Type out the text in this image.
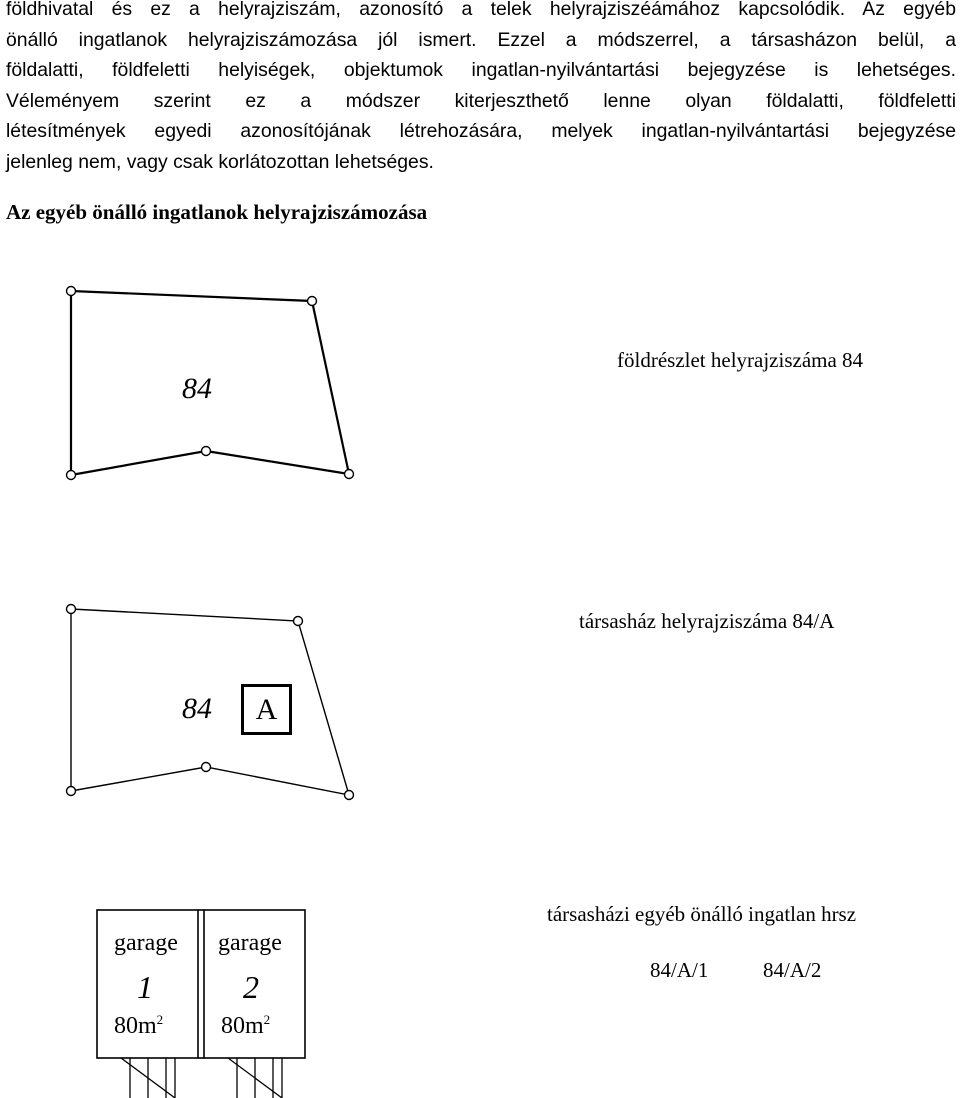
földhivatal és ez a helyrajziszám, azonosító a telek helyrajziszéámához kapcsolódik. Az egyéb
önálló ingatlanok helyrajziszámozása jól ismert. Ezzel a módszerrel, a társasházon belül, a
földalatti, földfeletti helyiségek, objektumok ingatlan-nyilvántartási bejegyzése is lehetséges.
Véleményem szerint ez a módszer kiterjeszthető lenne olyan földalatti, földfeletti
létesítmények egyedi azonosítójának létrehozására, melyek ingatlan-nyilvántartási bejegyzése
jelenleg nem, vagy csak korlátozottan lehetséges.
Az egyéb önálló ingatlanok helyrajziszámozása
84
földrészlet helyrajziszáma 84
84 A
társasház helyrajziszáma 84/A
társasházi egyéb önálló ingatlan hrsz
84/A/1	84/A/2
garage
1
$80m^2$
garage
2
$80m^2$
